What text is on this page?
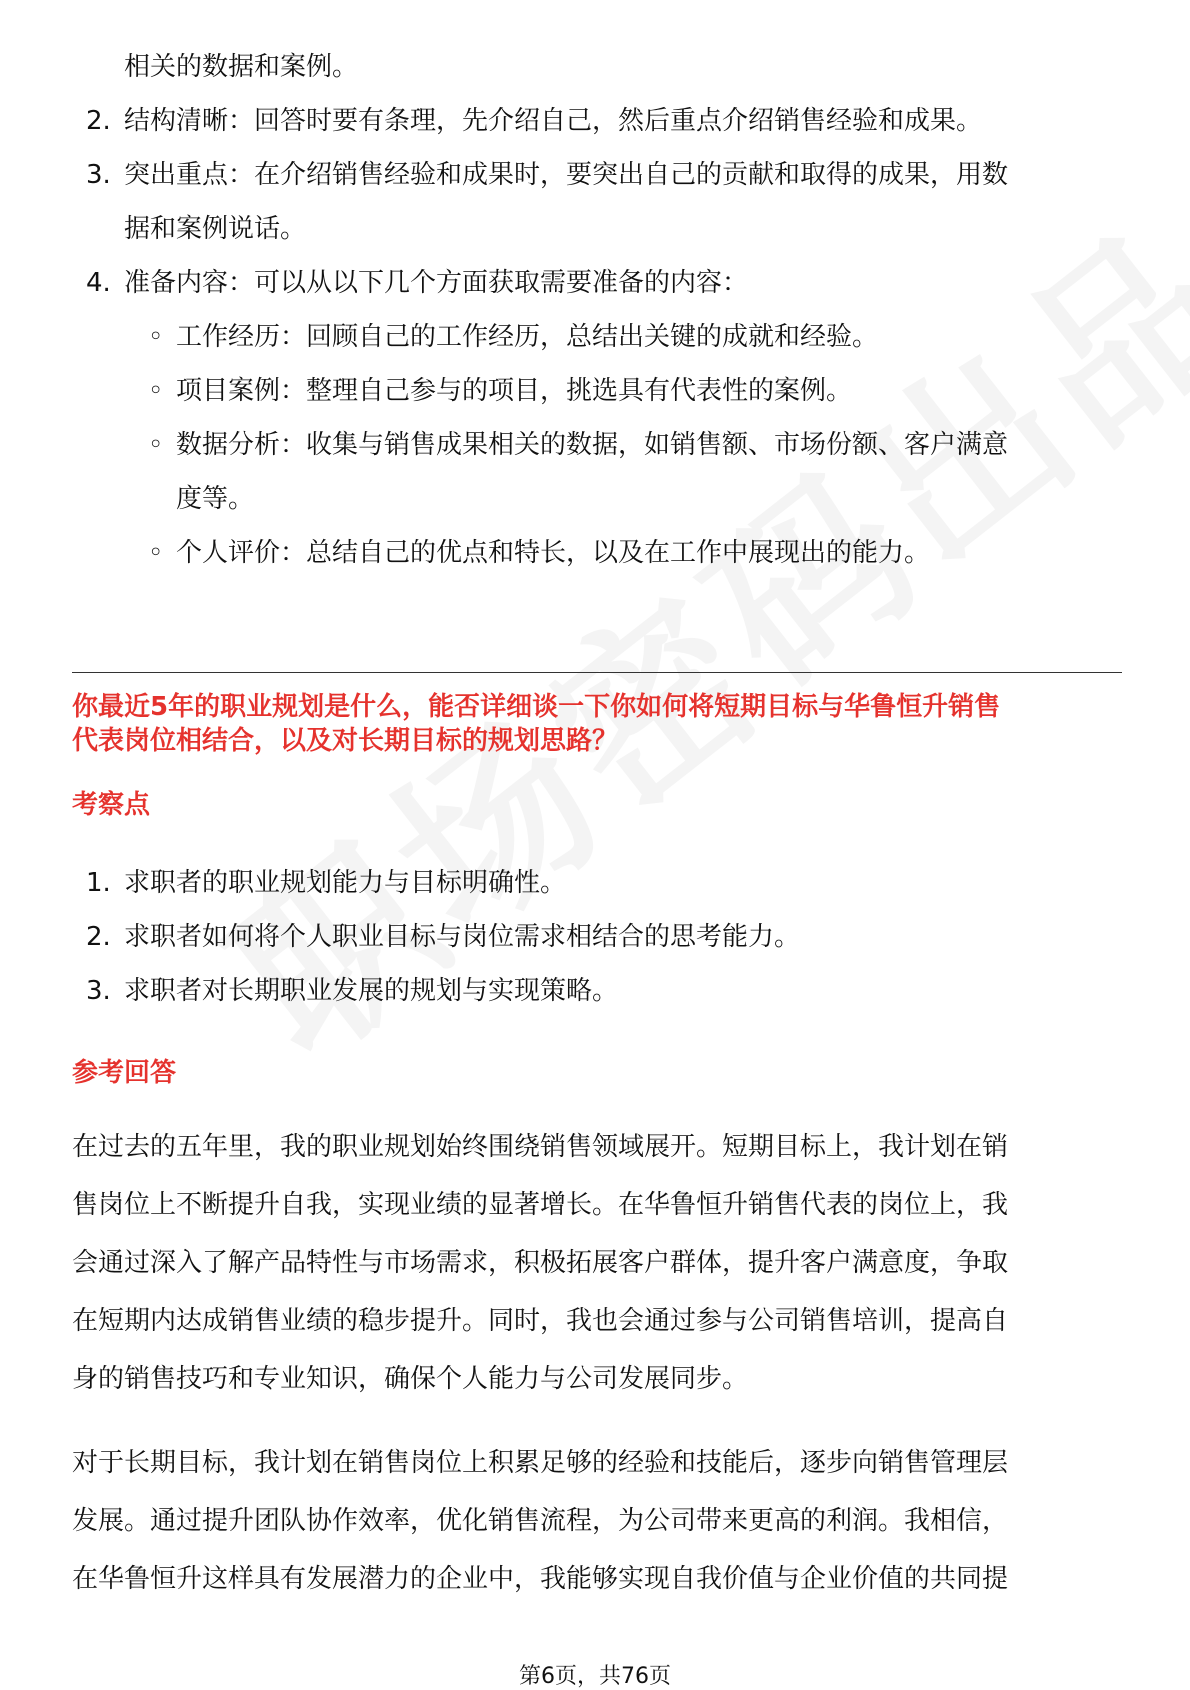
相关的数据和案例。
2. 结构清晰：回答时要有条理，先介绍自己，然后重点介绍销售经验和成果。
3. 突出重点：在介绍销售经验和成果时，要突出自己的贡献和取得的成果，用数
据和案例说话。
4. 准备内容：可以从以下几个方面获取需要准备的内容：
◦ 工作经历：回顾自己的工作经历，总结出关键的成就和经验。
◦ 项目案例：整理自己参与的项目，挑选具有代表性的案例。
◦ 数据分析：收集与销售成果相关的数据，如销售额、市场份额、客户满意
度等。
◦ 个人评价：总结自己的优点和特长，以及在工作中展现出的能力。
你最近5年的职业规划是什么，能否详细谈一下你如何将短期目标与华鲁恒升销售
代表岗位相结合，以及对长期目标的规划思路？
考察点
1. 求职者的职业规划能力与目标明确性。
2. 求职者如何将个人职业目标与岗位需求相结合的思考能力。
3. 求职者对长期职业发展的规划与实现策略。
参考回答
在过去的五年里，我的职业规划始终围绕销售领域展开。短期目标上，我计划在销
售岗位上不断提升自我，实现业绩的显著增长。在华鲁恒升销售代表的岗位上，我
会通过深入了解产品特性与市场需求，积极拓展客户群体，提升客户满意度，争取
在短期内达成销售业绩的稳步提升。同时，我也会通过参与公司销售培训，提高自
身的销售技巧和专业知识，确保个人能力与公司发展同步。
对于长期目标，我计划在销售岗位上积累足够的经验和技能后，逐步向销售管理层
发展。通过提升团队协作效率，优化销售流程，为公司带来更高的利润。我相信，
在华鲁恒升这样具有发展潜力的企业中，我能够实现自我价值与企业价值的共同提
第6页，共76页
